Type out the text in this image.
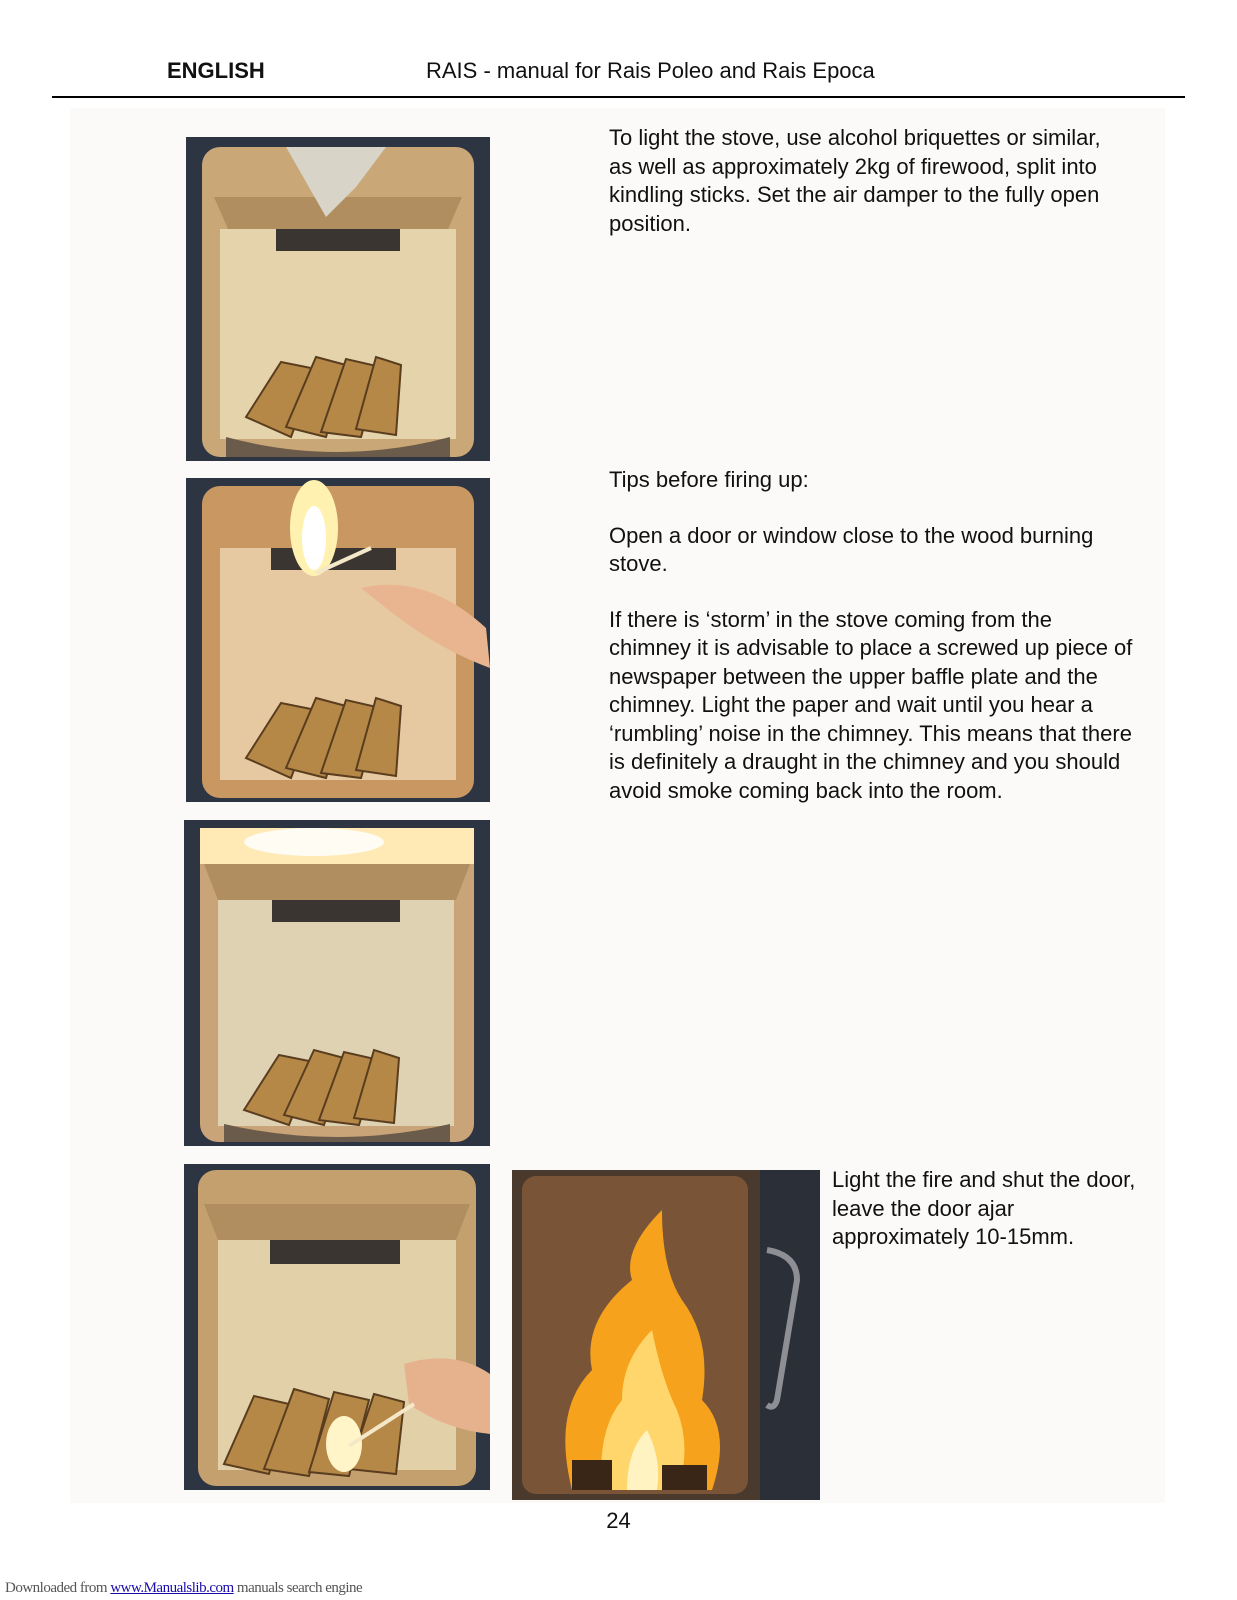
ENGLISH	RAIS - manual for Rais Poleo and Rais Epoca

To light the stove, use alcohol briquettes or similar, as well as approximately 2kg of firewood, split into kindling sticks. Set the air damper to the fully open position.

Tips before firing up:

Open a door or window close to the wood burning stove.

If there is ‘storm’ in the stove coming from the chimney it is advisable to place a screwed up piece of newspaper between the upper baffle plate and the chimney. Light the paper and wait until you hear a ‘rumbling’ noise in the chimney. This means that there is definitely a draught in the chimney and you should avoid smoke coming back into the room.

Light the fire and shut the door, leave the door ajar approximately 10-15mm.

24
Downloaded from www.Manualslib.com manuals search engine
